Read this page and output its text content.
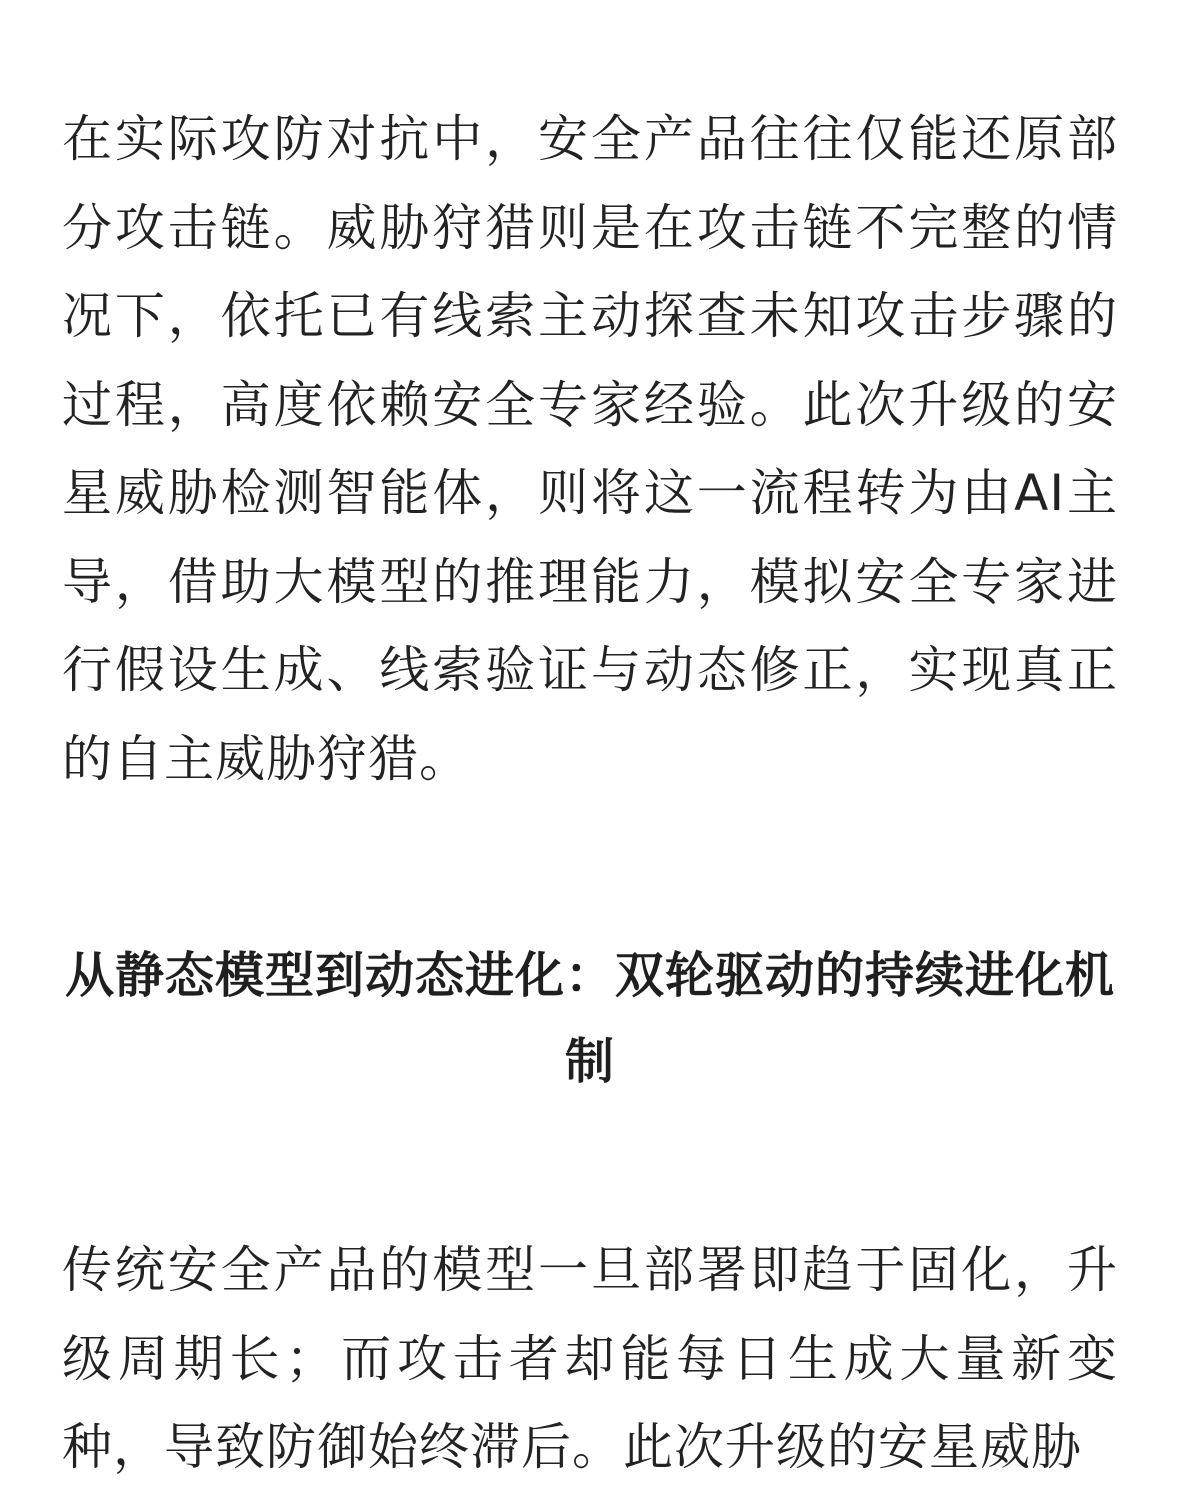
在实际攻防对抗中，安全产品往往仅能还原部分攻击链。威胁狩猎则是在攻击链不完整的情况下，依托已有线索主动探查未知攻击步骤的过程，高度依赖安全专家经验。此次升级的安星威胁检测智能体，则将这一流程转为由AI主导，借助大模型的推理能力，模拟安全专家进行假设生成、线索验证与动态修正，实现真正的自主威胁狩猎。

从静态模型到动态进化：双轮驱动的持续进化机制

传统安全产品的模型一旦部署即趋于固化，升级周期长；而攻击者却能每日生成大量新变种，导致防御始终滞后。此次升级的安星威胁
